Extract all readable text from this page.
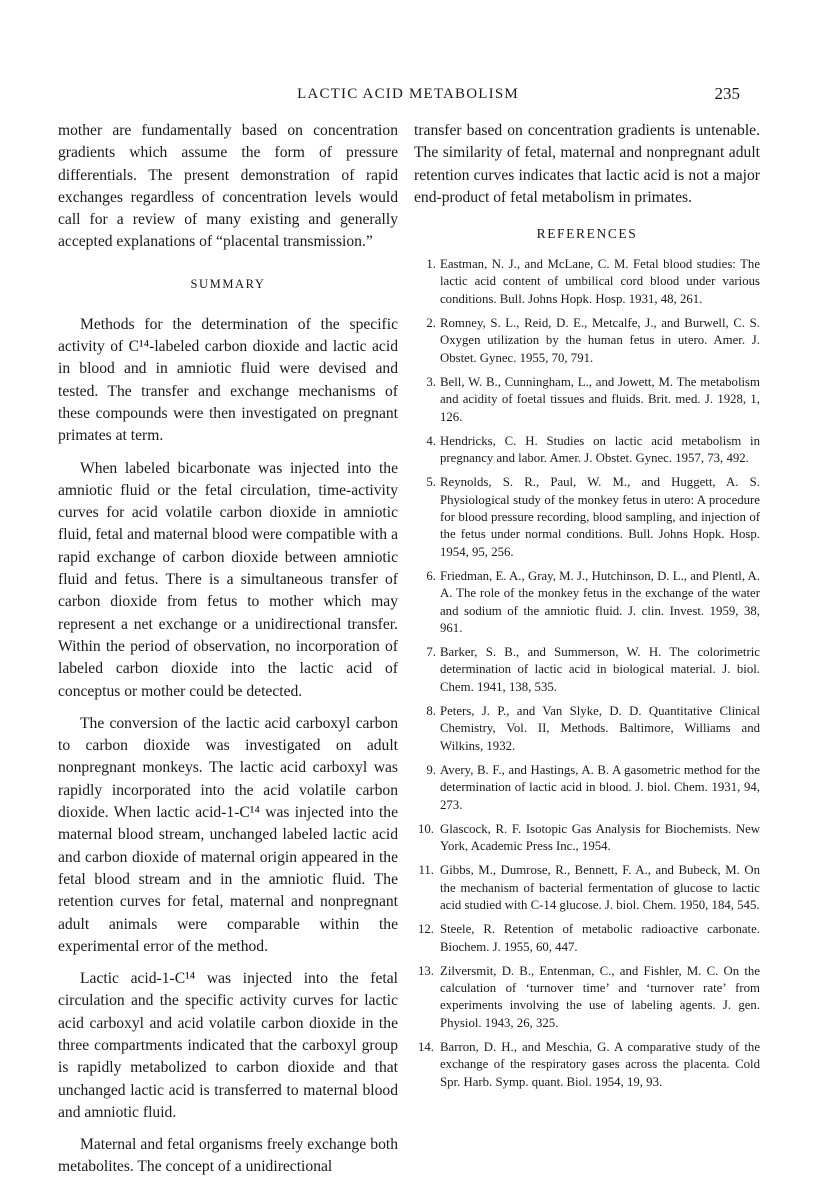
LACTIC ACID METABOLISM	235

mother are fundamentally based on concentration gradients which assume the form of pressure differentials. The present demonstration of rapid exchanges regardless of concentration levels would call for a review of many existing and generally accepted explanations of “placental transmission.”

SUMMARY

Methods for the determination of the specific activity of C¹⁴-labeled carbon dioxide and lactic acid in blood and in amniotic fluid were devised and tested. The transfer and exchange mechanisms of these compounds were then investigated on pregnant primates at term.

When labeled bicarbonate was injected into the amniotic fluid or the fetal circulation, time-activity curves for acid volatile carbon dioxide in amniotic fluid, fetal and maternal blood were compatible with a rapid exchange of carbon dioxide between amniotic fluid and fetus. There is a simultaneous transfer of carbon dioxide from fetus to mother which may represent a net exchange or a unidirectional transfer. Within the period of observation, no incorporation of labeled carbon dioxide into the lactic acid of conceptus or mother could be detected.

The conversion of the lactic acid carboxyl carbon to carbon dioxide was investigated on adult nonpregnant monkeys. The lactic acid carboxyl was rapidly incorporated into the acid volatile carbon dioxide. When lactic acid-1-C¹⁴ was injected into the maternal blood stream, unchanged labeled lactic acid and carbon dioxide of maternal origin appeared in the fetal blood stream and in the amniotic fluid. The retention curves for fetal, maternal and nonpregnant adult animals were comparable within the experimental error of the method.

Lactic acid-1-C¹⁴ was injected into the fetal circulation and the specific activity curves for lactic acid carboxyl and acid volatile carbon dioxide in the three compartments indicated that the carboxyl group is rapidly metabolized to carbon dioxide and that unchanged lactic acid is transferred to maternal blood and amniotic fluid.

Maternal and fetal organisms freely exchange both metabolites. The concept of a unidirectional

transfer based on concentration gradients is untenable. The similarity of fetal, maternal and nonpregnant adult retention curves indicates that lactic acid is not a major end-product of fetal metabolism in primates.

REFERENCES
1. Eastman, N. J., and McLane, C. M. Fetal blood studies: The lactic acid content of umbilical cord blood under various conditions. Bull. Johns Hopk. Hosp. 1931, 48, 261.
2. Romney, S. L., Reid, D. E., Metcalfe, J., and Burwell, C. S. Oxygen utilization by the human fetus in utero. Amer. J. Obstet. Gynec. 1955, 70, 791.
3. Bell, W. B., Cunningham, L., and Jowett, M. The metabolism and acidity of foetal tissues and fluids. Brit. med. J. 1928, 1, 126.
4. Hendricks, C. H. Studies on lactic acid metabolism in pregnancy and labor. Amer. J. Obstet. Gynec. 1957, 73, 492.
5. Reynolds, S. R., Paul, W. M., and Huggett, A. S. Physiological study of the monkey fetus in utero: A procedure for blood pressure recording, blood sampling, and injection of the fetus under normal conditions. Bull. Johns Hopk. Hosp. 1954, 95, 256.
6. Friedman, E. A., Gray, M. J., Hutchinson, D. L., and Plentl, A. A. The role of the monkey fetus in the exchange of the water and sodium of the amniotic fluid. J. clin. Invest. 1959, 38, 961.
7. Barker, S. B., and Summerson, W. H. The colorimetric determination of lactic acid in biological material. J. biol. Chem. 1941, 138, 535.
8. Peters, J. P., and Van Slyke, D. D. Quantitative Clinical Chemistry, Vol. II, Methods. Baltimore, Williams and Wilkins, 1932.
9. Avery, B. F., and Hastings, A. B. A gasometric method for the determination of lactic acid in blood. J. biol. Chem. 1931, 94, 273.
10. Glascock, R. F. Isotopic Gas Analysis for Biochemists. New York, Academic Press Inc., 1954.
11. Gibbs, M., Dumrose, R., Bennett, F. A., and Bubeck, M. On the mechanism of bacterial fermentation of glucose to lactic acid studied with C-14 glucose. J. biol. Chem. 1950, 184, 545.
12. Steele, R. Retention of metabolic radioactive carbonate. Biochem. J. 1955, 60, 447.
13. Zilversmit, D. B., Entenman, C., and Fishler, M. C. On the calculation of ‘turnover time’ and ‘turnover rate’ from experiments involving the use of labeling agents. J. gen. Physiol. 1943, 26, 325.
14. Barron, D. H., and Meschia, G. A comparative study of the exchange of the respiratory gases across the placenta. Cold Spr. Harb. Symp. quant. Biol. 1954, 19, 93.
